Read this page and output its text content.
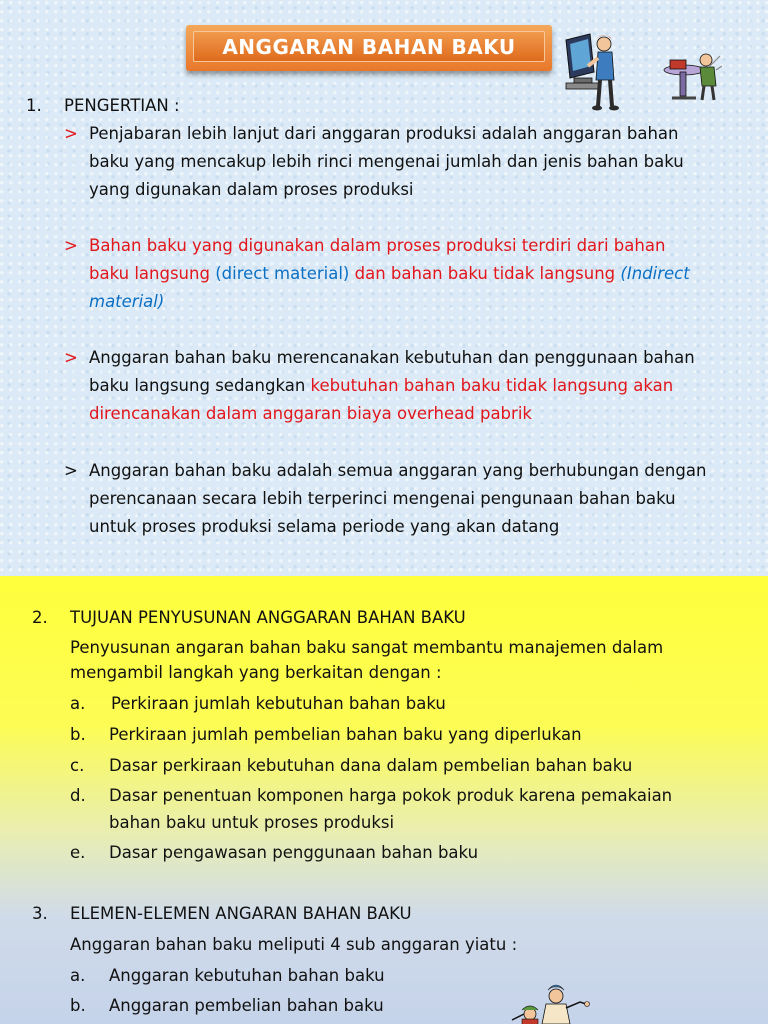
ANGGARAN BAHAN BAKU
1. PENGERTIAN :
> Penjabaran lebih lanjut dari anggaran produksi adalah anggaran bahan
baku yang mencakup lebih rinci mengenai jumlah dan jenis bahan baku
yang digunakan dalam proses produksi
> Bahan baku yang digunakan dalam proses produksi terdiri dari bahan
baku langsung (direct material) dan bahan baku tidak langsung (Indirect
material)
> Anggaran bahan baku merencanakan kebutuhan dan penggunaan bahan
baku langsung sedangkan kebutuhan bahan baku tidak langsung akan
direncanakan dalam anggaran biaya overhead pabrik
> Anggaran bahan baku adalah semua anggaran yang berhubungan dengan
perencanaan secara lebih terperinci mengenai pengunaan bahan baku
untuk proses produksi selama periode yang akan datang
2. TUJUAN PENYUSUNAN ANGGARAN BAHAN BAKU
Penyusunan angaran bahan baku sangat membantu manajemen dalam
mengambil langkah yang berkaitan dengan :
a. Perkiraan jumlah kebutuhan bahan baku
b. Perkiraan jumlah pembelian bahan baku yang diperlukan
c. Dasar perkiraan kebutuhan dana dalam pembelian bahan baku
d. Dasar penentuan komponen harga pokok produk karena pemakaian
bahan baku untuk proses produksi
e. Dasar pengawasan penggunaan bahan baku
3. ELEMEN-ELEMEN ANGARAN BAHAN BAKU
Anggaran bahan baku meliputi 4 sub anggaran yiatu :
a. Anggaran kebutuhan bahan baku
b. Anggaran pembelian bahan baku
